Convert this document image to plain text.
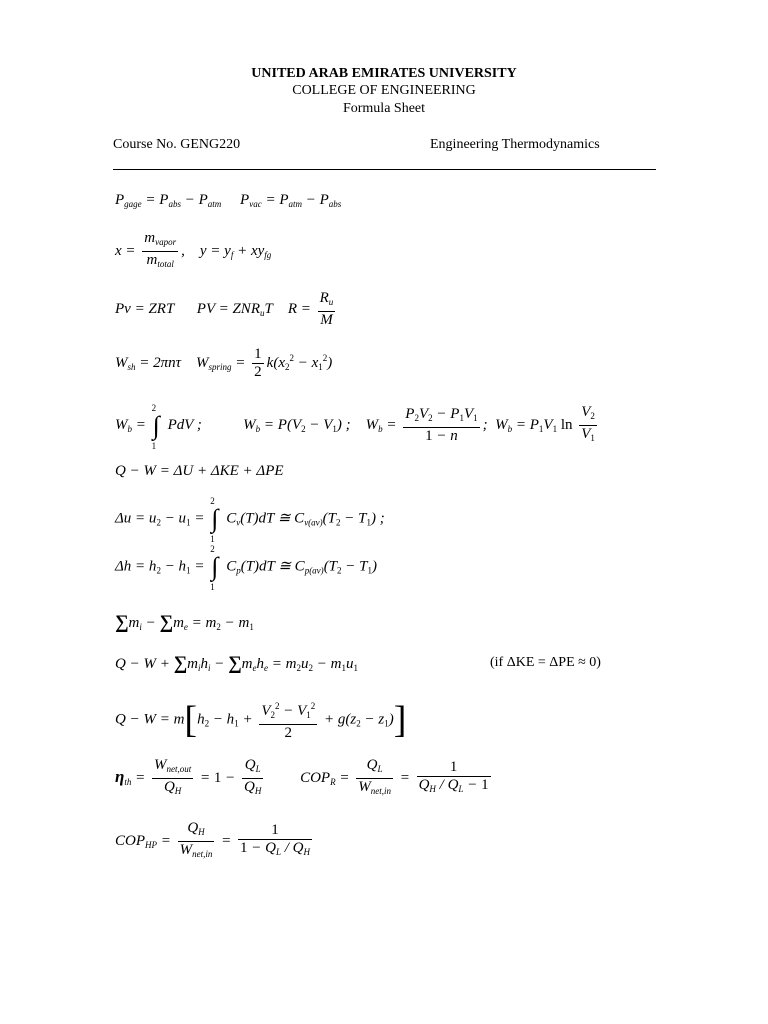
UNITED ARAB EMIRATES UNIVERSITY
COLLEGE OF ENGINEERING
Formula Sheet
Course No. GENG220	Engineering Thermodynamics
$P_{gage} = P_{abs} - P_{atm}$     $P_{vac} = P_{atm} - P_{abs}$
$x = \frac{m_{vapor}}{m_{total}}$ ,    $y = y_f + xy_{fg}$
Pv = ZRT      PV = $ZNR_uT$    $R = \frac{R_u}{M}$
$W_{sh} = 2\pi n\tau$    $W_{spring} = \frac{1}{2} k(x_2^2 - x_1^2)$
$W_b$ =
2
∫
1
PdV ;           $W_b = P(V_2 - V_1)$ ;    $W_b = \frac{P_2V_2 - P_1V_1}{1 - n}$ ;  $W_b = P_1V_1$ $\ln \frac{V_2}{V_1}$
Q − W = ΔU + ΔKE + ΔPE
$\Delta u = u_2 - u_1$ =
2
∫
1
$C_v(T)dT$ ≅ $C_{v(av)}(T_2 - T_1)$ ;
$\Delta h = h_2 - h_1$ =
2
∫
1
$C_p(T)dT$ ≅ $C_{p(av)}(T_2 - T_1)$
$\sum m_i - \sum m_e = m_2 - m_1$
$Q - W + \sum m_ih_i - \sum m_eh_e = m_2u_2 - m_1u_1$	(if ΔKE = ΔPE ≈ 0)
$Q - W = m[h_2 - h_1 + \frac{V_2^2 - V_1^2}{2} + g(z_2 - z_1)]$
$\eta_{th} = \frac{W_{net,out}}{Q_H} = 1 - \frac{Q_L}{Q_H} COP_R = \frac{Q_L}{W_{net,in}} = \frac{1}{Q_H / Q_L - 1}$
$COP_{HP} = \frac{Q_H}{W_{net,in}} = \frac{1}{1 - Q_L / Q_H}$
